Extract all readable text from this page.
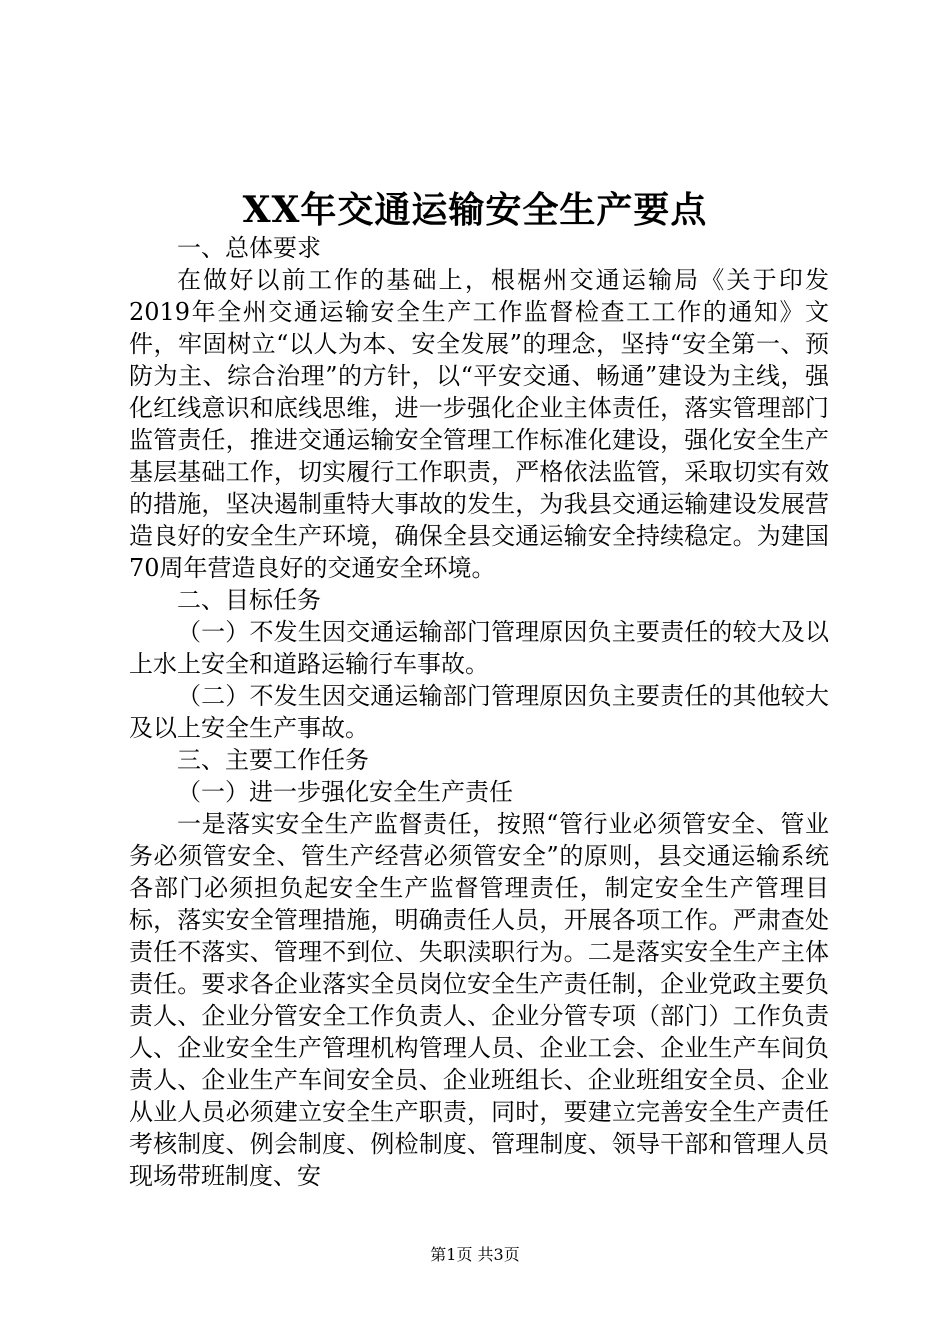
XX年交通运输安全生产要点

一、总体要求

在做好以前工作的基础上，根椐州交通运输局《关于印发2019年全州交通运输安全生产工作监督检查工工作的通知》文件，牢固树立“以人为本、安全发展”的理念，坚持“安全第一、预防为主、综合治理”的方针，以“平安交通、畅通”建设为主线，强化红线意识和底线思维，进一步强化企业主体责任，落实管理部门监管责任，推进交通运输安全管理工作标准化建设，强化安全生产基层基础工作，切实履行工作职责，严格依法监管，采取切实有效的措施，坚决遏制重特大事故的发生，为我县交通运输建设发展营造良好的安全生产环境，确保全县交通运输安全持续稳定。为建国70周年营造良好的交通安全环境。

二、目标任务

（一）不发生因交通运输部门管理原因负主要责任的较大及以上水上安全和道路运输行车事故。

（二）不发生因交通运输部门管理原因负主要责任的其他较大及以上安全生产事故。

三、主要工作任务

（一）进一步强化安全生产责任

一是落实安全生产监督责任，按照“管行业必须管安全、管业务必须管安全、管生产经营必须管安全”的原则，县交通运输系统各部门必须担负起安全生产监督管理责任，制定安全生产管理目标，落实安全管理措施，明确责任人员，开展各项工作。严肃查处责任不落实、管理不到位、失职渎职行为。二是落实安全生产主体责任。要求各企业落实全员岗位安全生产责任制，企业党政主要负责人、企业分管安全工作负责人、企业分管专项（部门）工作负责人、企业安全生产管理机构管理人员、企业工会、企业生产车间负责人、企业生产车间安全员、企业班组长、企业班组安全员、企业从业人员必须建立安全生产职责，同时，要建立完善安全生产责任考核制度、例会制度、例检制度、管理制度、领导干部和管理人员现场带班制度、安

第1页 共3页
